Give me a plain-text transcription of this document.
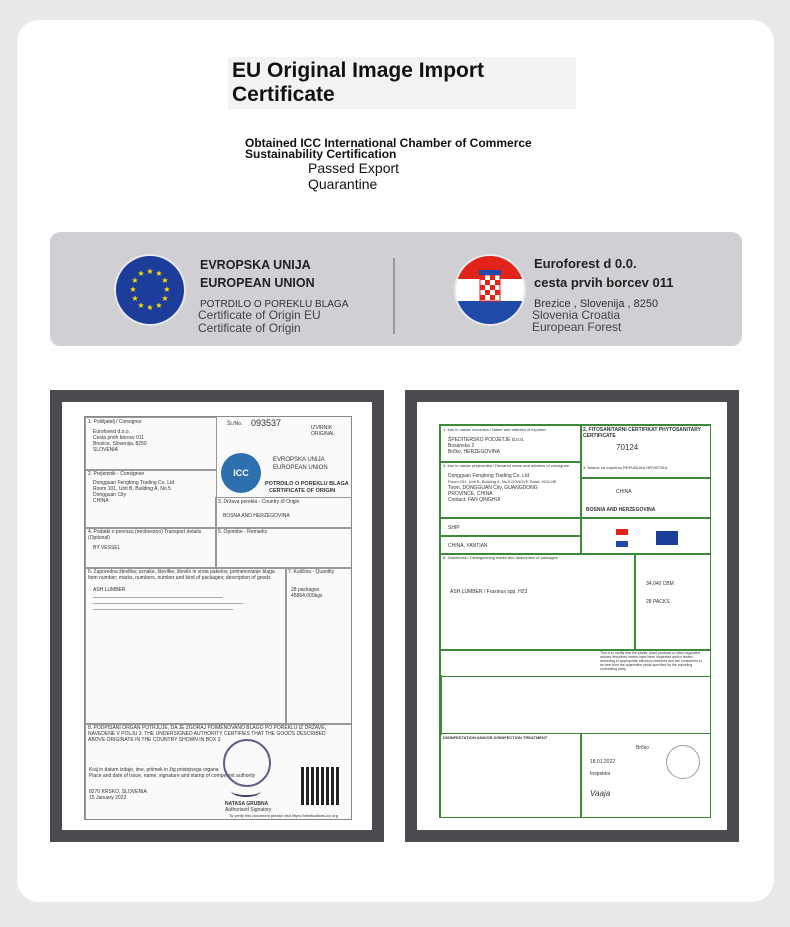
EU Original Image Import Certificate
Obtained ICC International Chamber of Commerce Sustainability Certification
Passed Export Quarantine
★ ★
★
★
★
★
★
★
★
★
★
★
EVROPSKA UNIJA
EUROPEAN UNION
POTRDILO O POREKLU BLAGA
Certificate of Origin EU
Certificate of Origin
Euroforest d 0.0.
cesta prvih borcev 011
Brezice , Slovenija , 8250
Slovenia Croatia
European Forest
1. Pošiljatelj / Consignor
Euroforest d.o.o.
Cesta prvih borcev 011
Brezice, Slovenija, 8250
SLOVENIA
Št./No. 093537	IZVIRNIK ORIGINAL
2. Prejemnik - Consignee
Dongguan Fengtong Trading Co. Ltd
Room 101, Unit B, Building A, No.5
Dongguan City
CHINA
ICC
EVROPSKA UNIJA
EUROPEAN UNION
POTRDILO O POREKLU BLAGA
CERTIFICATE OF ORIGIN
3. Država porekla - Country of Origin
BOSNA AND HERZEGOVINA
4. Podatki o prevozu (neobvezno) Transport details (Optional)
BY VESSEL
5. Opombe - Remarks
6. Zaporedna številka; oznake, številke, število in vrsta paketov, poimenovanje blaga Item number; marks, numbers, number and kind of packages; description of goods
ASH LUMBER
7. Količina - Quantity
28 packages
45864,000kgs
8. PODPISANI ORGAN POTRJUJE, DA JE ZGORAJ POIMENOVANO BLAGO PO POREKLU IZ DRŽAVE, NAVEDENE V POLJU 3. THE UNDERSIGNED AUTHORITY CERTIFIES THAT THE GOODS DESCRIBED ABOVE ORIGINATE IN THE COUNTRY SHOWN IN BOX 3
Kraj in datum izdaje, ime, priimek in žig pristojnega organa
Place and date of issue, name, signature and stamp of competent authority
8270 KRSKO, SLOVENIA
15 January 2022
NATASA GRUBNA
Authorised Signatory
To verify this document please visit https://verifications.icc.org
1. Ime in naslov izvoznika / Name and address of exporter
ŠPEDITERSKO PODJETJE d.o.o.
Bosanska 2
Brčko, HERZEGOVINA
2. FITOSANITARNI CERTIFIKAT PHYTOSANITARY CERTIFICATE
70124
3. Naslov za odpremo REPUBLIKA HRVATSKA
3. Ime in naslov prejemnika / Declared name and address of consignee
Dongguan Fengtong Trading Co. Ltd
Room 101, Unit B, Building A, No.5 DONGYE Road, HOUJIE
Town, DONGGUAN City, GUANGDONG
PROVINCE, CHINA
Contact: FAN QINGHUI
CHINA
BOSNIA AND HERZEGOVINA
SHIP
CHINA, YANTIAN
8. Značilnosti / Distinguishing marks and description of packages
ASH LUMBER / Fraxinus spp. H23
34,040 CBM
28 PACKS
This is to certify that the plants, plant products or other regulated articles described herein have been inspected and/or tested according to appropriate official procedures and are considered to be free from the quarantine pests specified by the importing contracting party.
DISINFESTATION AND/OR DISINFECTION TREATMENT
Brčko
18.01.2022
Inspektor
Vaaja
